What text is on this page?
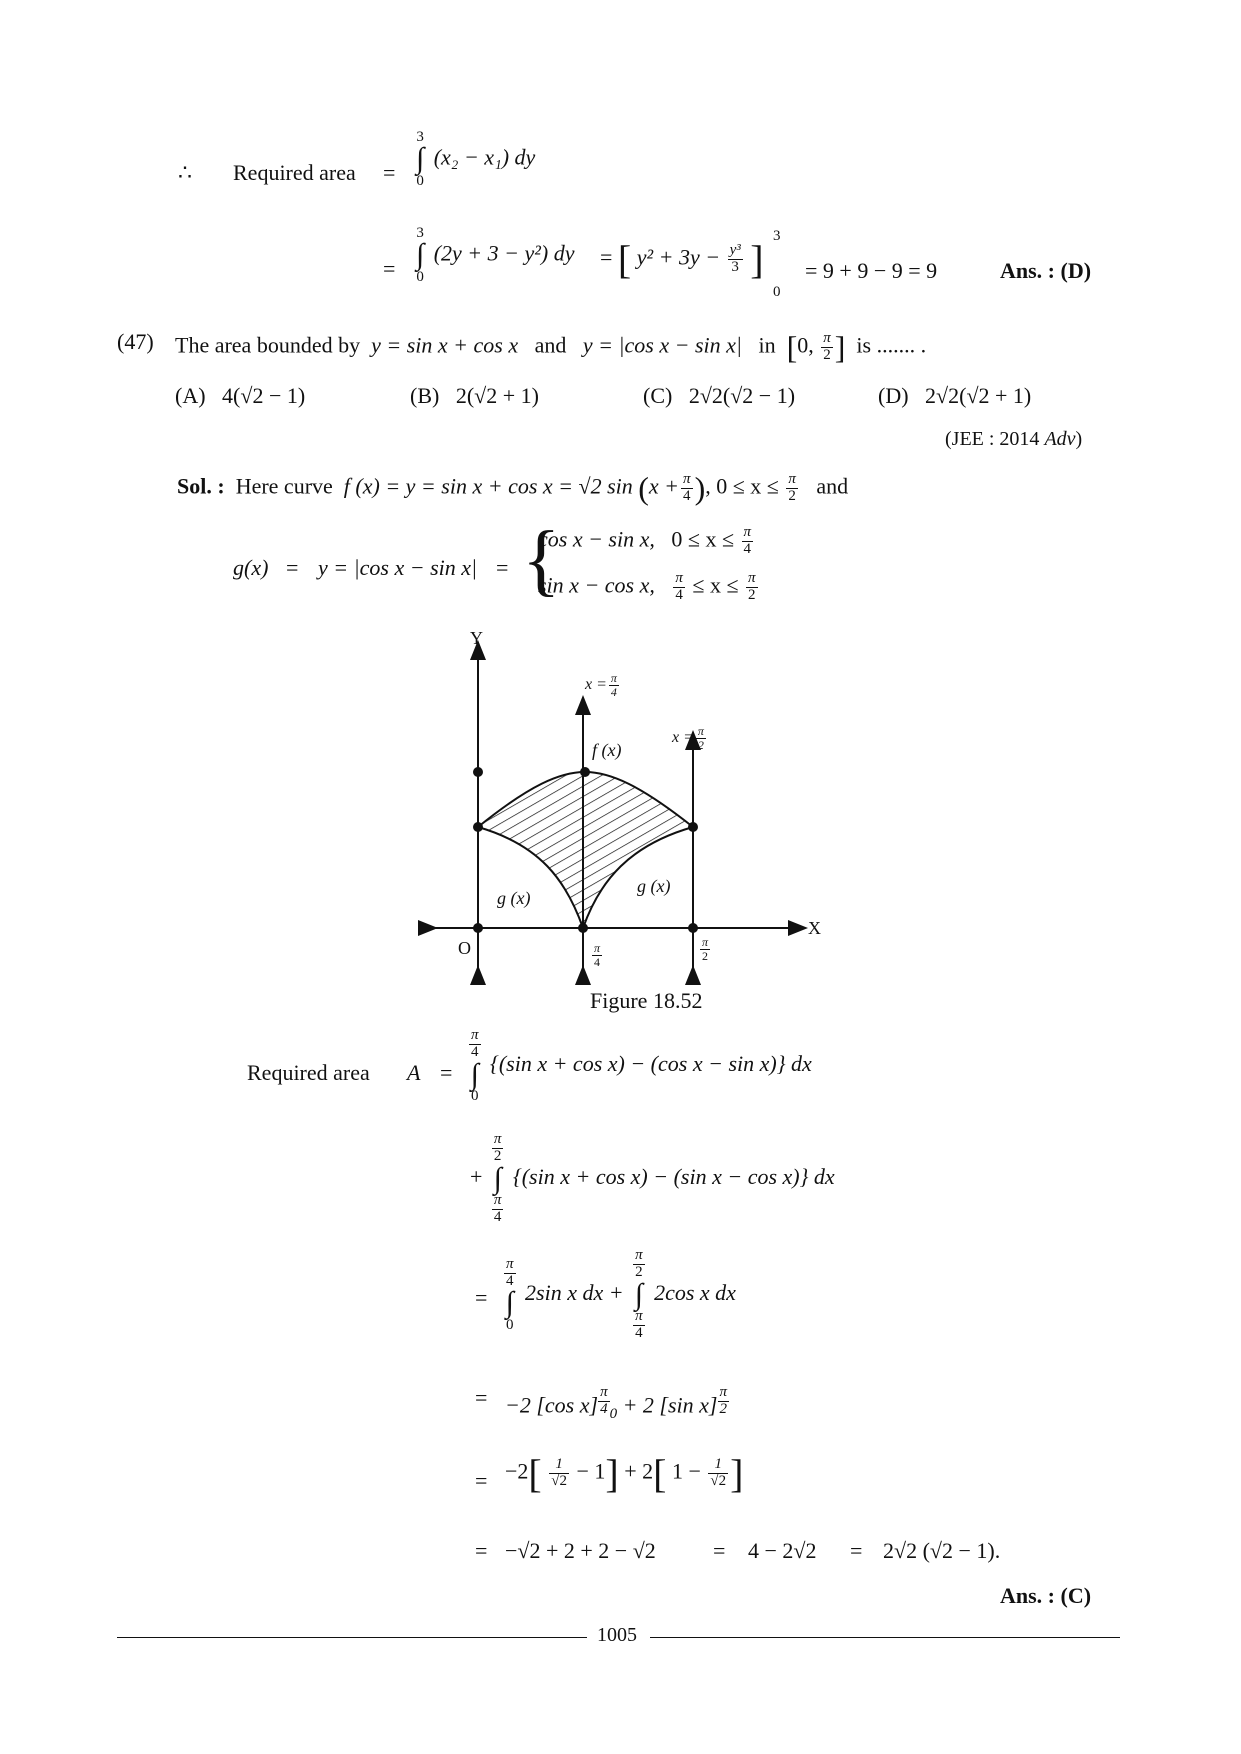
∴ Required area =
3
∫
0
(x₂ − x₁) dy
=
3
∫
0
(2y + 3 − y²) dy = [ $y^2 + 3y - \frac{\text{y³}}{3}$ ]
3
0
= 9 + 9 − 9 = 9	Ans. : (D)
(47) The area bounded by y = sin x + cos x and y = |cos x − sin x| in [0, $\frac{\pi}{2}$ ] is ....... .
(A) 4(√2 − 1)	(B) 2(√2 + 1)	(C) 2√2(√2 − 1)	(D) 2√2(√2 + 1)
(JEE : 2014 Adv)
Sol. : Here curve f (x) = y = sin x + cos x = √2 $\sin (x + \frac{\pi}{4}$ ), $0 \le x \le \frac{\pi}{2}$ and
g(x) = y = |cos x − sin x| = {
cos x − sin x, $0 \le x \le \frac{\pi}{4}$
sin x − cos x, $\frac{\pi}{4} \le x \le \frac{\pi}{2}$
Y
X
O
$x = \frac{\pi}{4}$
$x = \frac{\pi}{2}$
f (x)
g (x)
g (x)
$\frac{\pi}{4}$	$\frac{\pi}{2}$
Figure 18.52
Required area A =
$\frac{\pi}{4}$
∫
0
{(sin x + cos x) − (cos x − sin x)} dx
+
$\frac{\pi}{2}$
∫
$\frac{\pi}{4}$
{(sin x + cos x) − (sin x − cos x)} dx
=
$\frac{\pi}{4}$
∫
0
2sin x dx +
$\frac{\pi}{2}$
∫
$\frac{\pi}{4}$
2cos x dx
= −2 [cos x] $^{\frac{\pi}{4}}$ $_0$ + 2 [sin x] $^{\frac{\pi}{2}}$
= $-2[ \frac{1}{√2} - 1] + 2$[ $1 - \frac{1}{√2}$ ]
= −√2 + 2 + 2 − √2	= 4 − 2√2 = 2√2 (√2 − 1).
Ans. : (C)
1005
